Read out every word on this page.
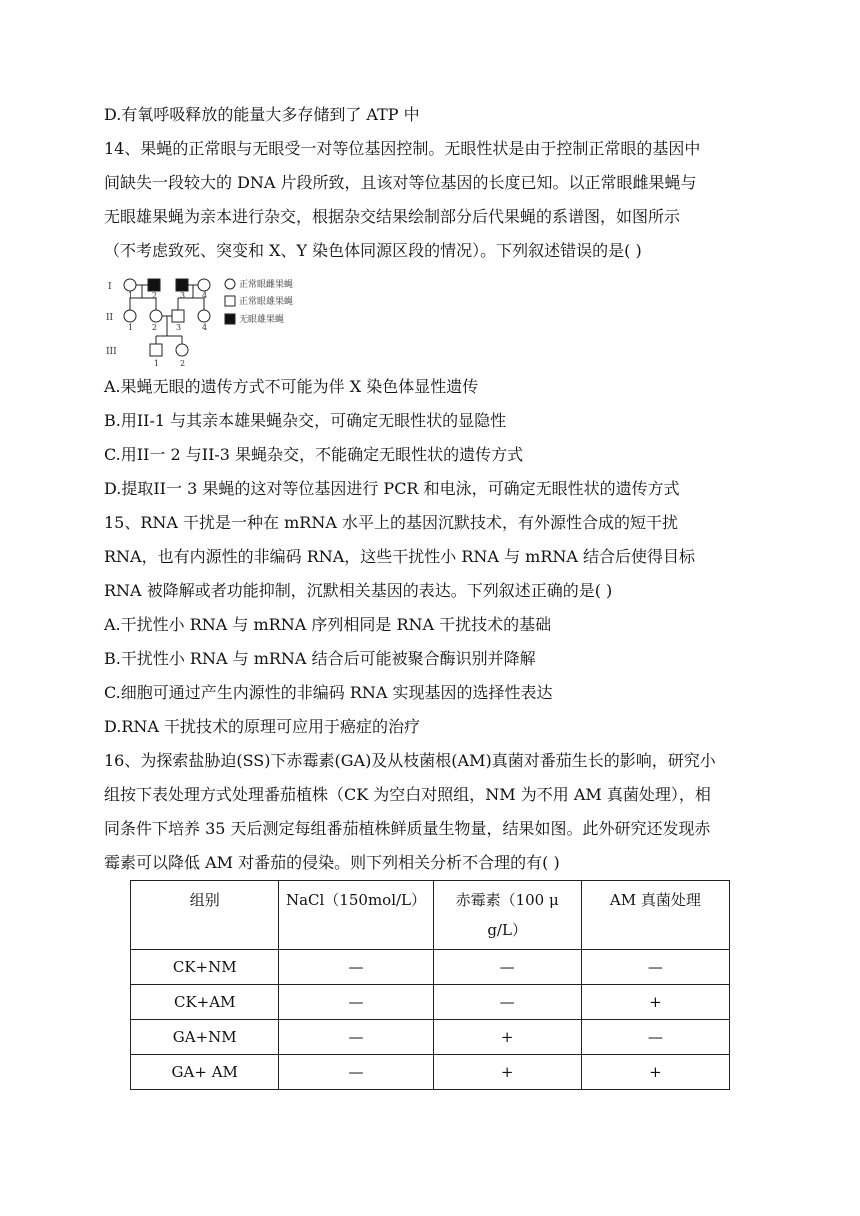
D.有氧呼吸释放的能量大多存储到了 ATP 中
14、果蝇的正常眼与无眼受一对等位基因控制。无眼性状是由于控制正常眼的基因中
间缺失一段较大的 DNA 片段所致，且该对等位基因的长度已知。以正常眼雌果蝇与
无眼雄果蝇为亲本进行杂交，根据杂交结果绘制部分后代果蝇的系谱图，如图所示
（不考虑致死、突变和 X、Y 染色体同源区段的情况）。下列叙述错误的是( )
I
II
III
1 2	3 4
1 2 3	4
1	2
正常眼雌果蝇
正常眼雄果蝇
无眼雄果蝇
A.果蝇无眼的遗传方式不可能为伴 X 染色体显性遗传
B.用II-1 与其亲本雄果蝇杂交，可确定无眼性状的显隐性
C.用II一 2 与II-3 果蝇杂交，不能确定无眼性状的遗传方式
D.提取II一 3 果蝇的这对等位基因进行 PCR 和电泳，可确定无眼性状的遗传方式
15、RNA 干扰是一种在 mRNA 水平上的基因沉默技术，有外源性合成的短干扰
RNA，也有内源性的非编码 RNA，这些干扰性小 RNA 与 mRNA 结合后使得目标
RNA 被降解或者功能抑制，沉默相关基因的表达。下列叙述正确的是( )
A.干扰性小 RNA 与 mRNA 序列相同是 RNA 干扰技术的基础
B.干扰性小 RNA 与 mRNA 结合后可能被聚合酶识别并降解
C.细胞可通过产生内源性的非编码 RNA 实现基因的选择性表达
D.RNA 干扰技术的原理可应用于癌症的治疗
16、为探索盐胁迫(SS)下赤霉素(GA)及从枝菌根(AM)真菌对番茄生长的影响，研究小
组按下表处理方式处理番茄植株（CK 为空白对照组，NM 为不用 AM 真菌处理），相
同条件下培养 35 天后测定每组番茄植株鲜质量生物量，结果如图。此外研究还发现赤
霉素可以降低 AM 对番茄的侵染。则下列相关分析不合理的有( )
组别	NaCl（150mol/L）	赤霉素（100 μ
g/L）	AM 真菌处理
CK+NM	—	—	—
CK+AM	—	—	+
GA+NM	—	+	—
GA+ AM	—	+	+
